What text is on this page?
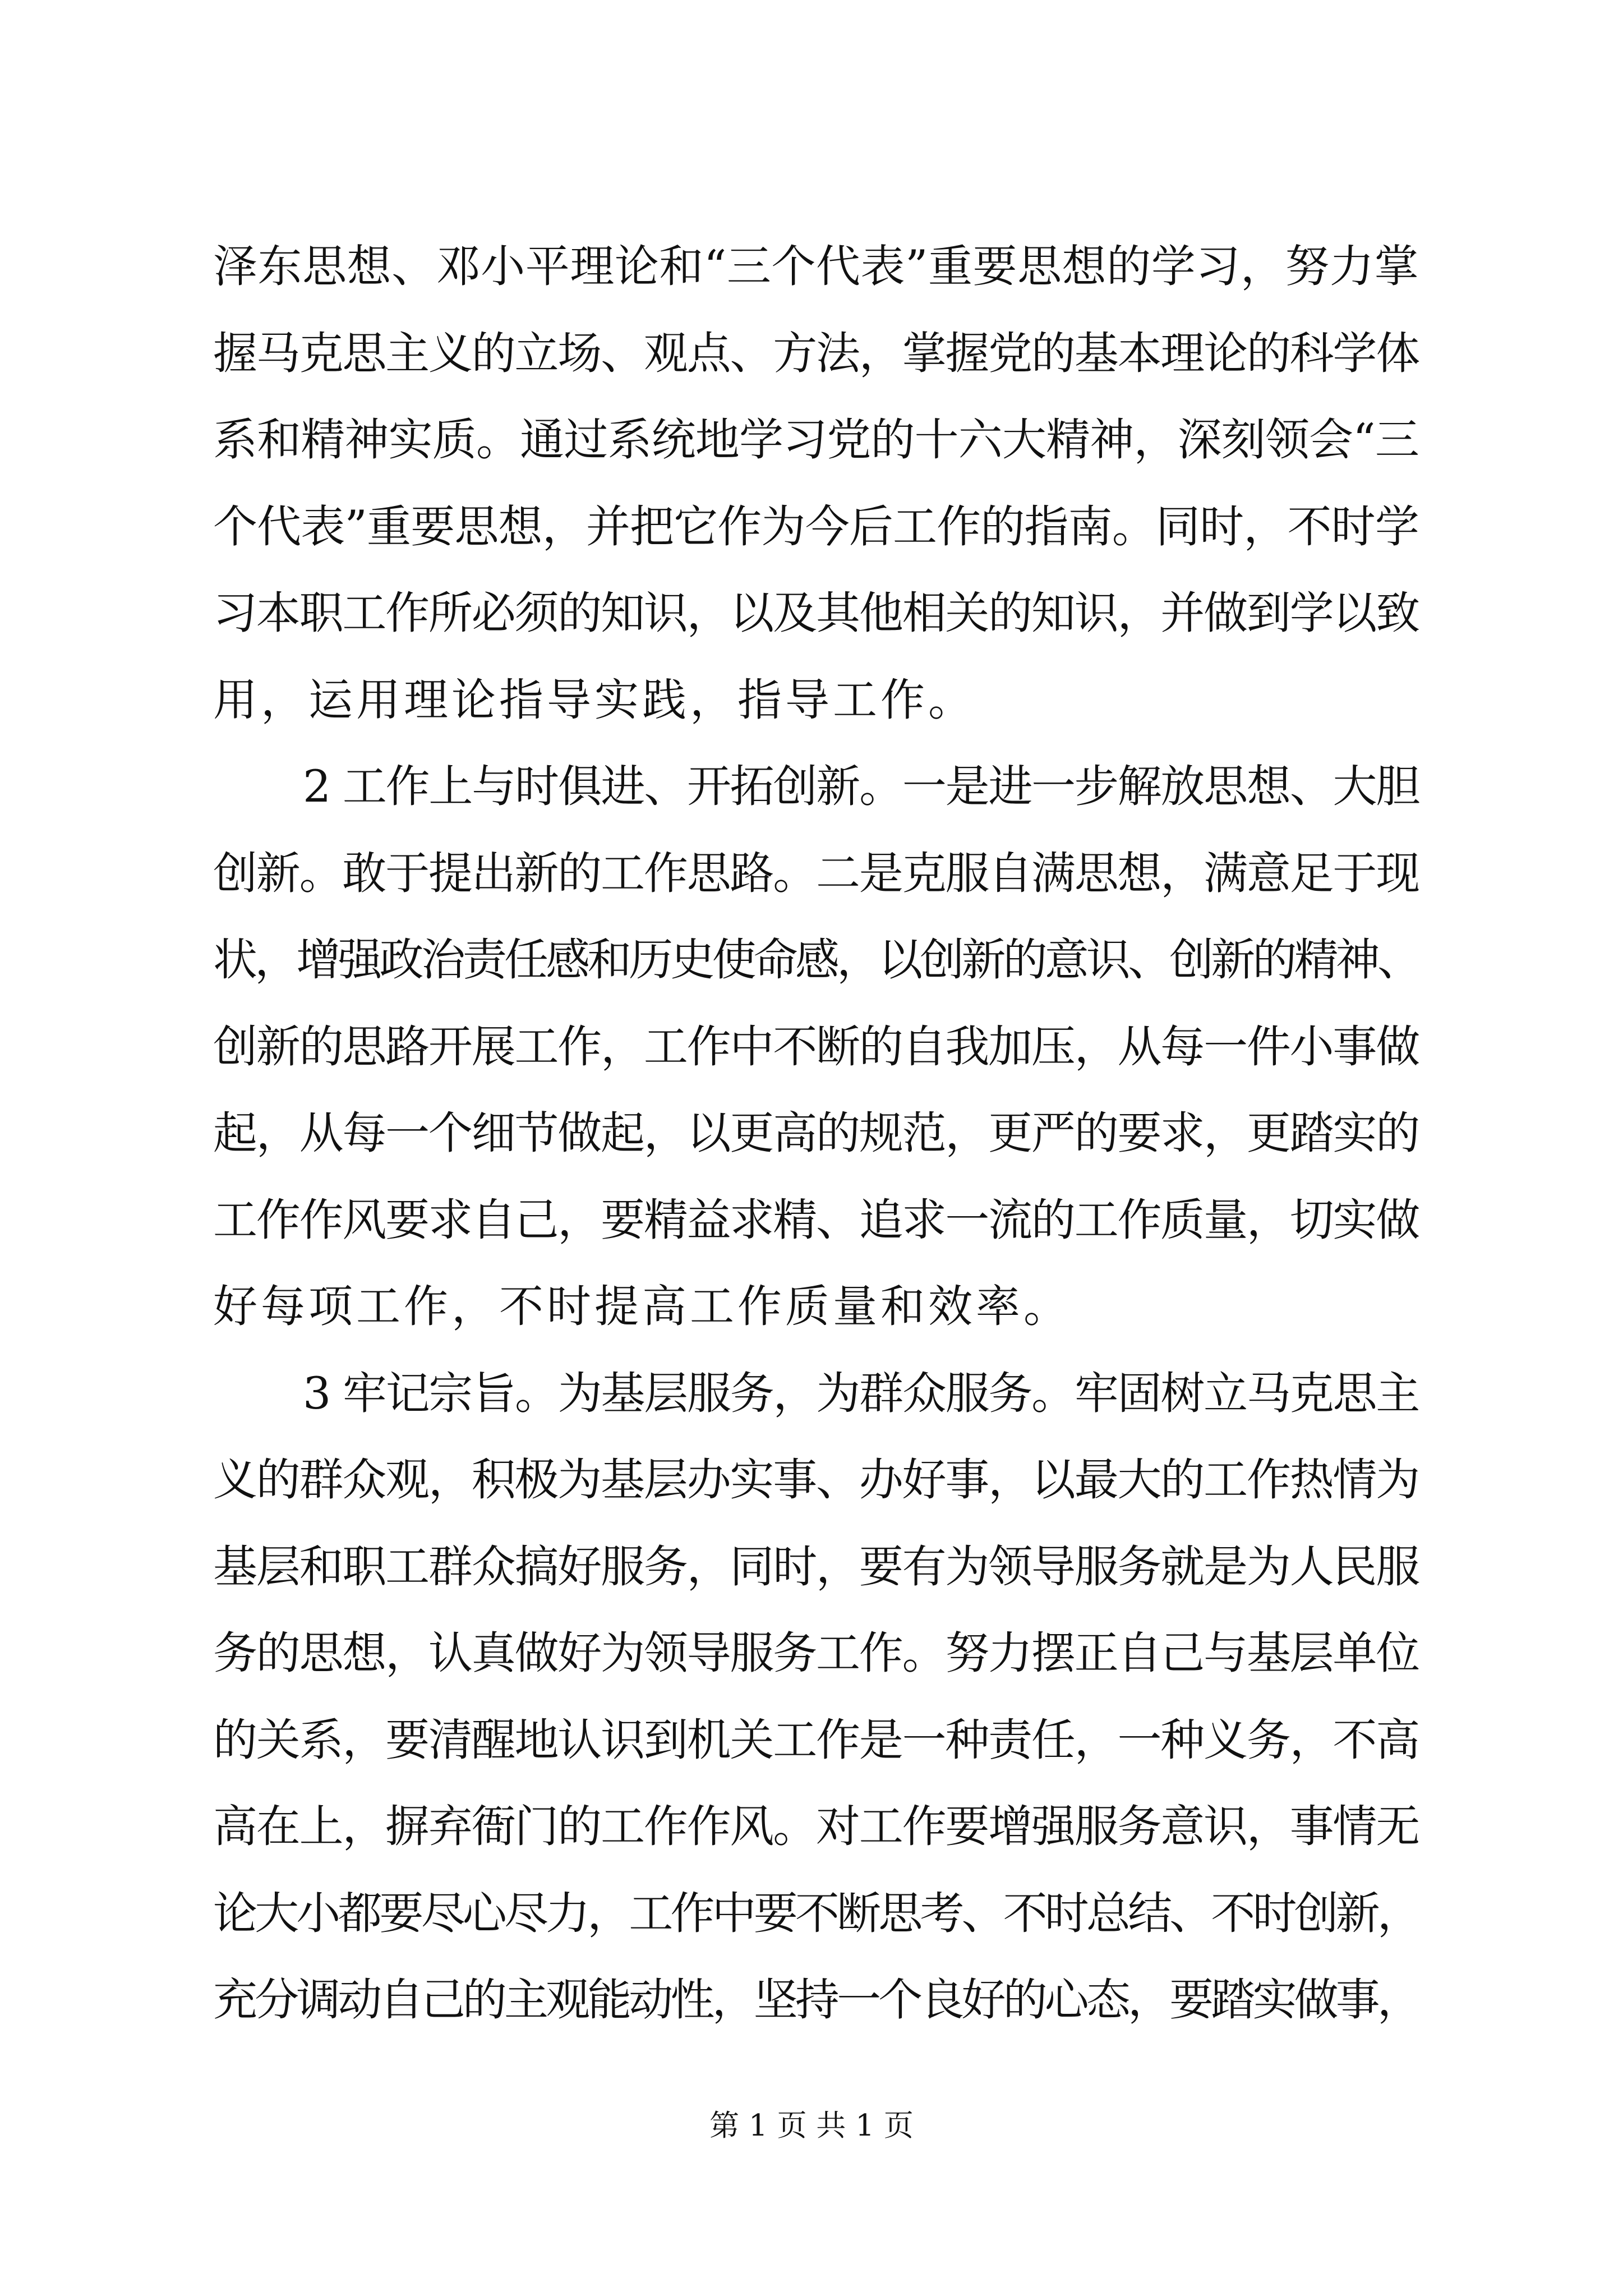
泽东思想、邓小平理论和“三个代表”重要思想的学习，努力掌
握马克思主义的立场、观点、方法，掌握党的基本理论的科学体
系和精神实质。通过系统地学习党的十六大精神，深刻领会“三
个代表”重要思想，并把它作为今后工作的指南。同时，不时学
习本职工作所必须的知识，以及其他相关的知识，并做到学以致
用，运用理论指导实践，指导工作。
2 工作上与时俱进、开拓创新。一是进一步解放思想、大胆
创新。敢于提出新的工作思路。二是克服自满思想，满意足于现
状，增强政治责任感和历史使命感，以创新的意识、创新的精神、
创新的思路开展工作，工作中不断的自我加压，从每一件小事做
起，从每一个细节做起，以更高的规范，更严的要求，更踏实的
工作作风要求自己，要精益求精、追求一流的工作质量，切实做
好每项工作，不时提高工作质量和效率。
3 牢记宗旨。为基层服务，为群众服务。牢固树立马克思主
义的群众观，积极为基层办实事、办好事，以最大的工作热情为
基层和职工群众搞好服务，同时，要有为领导服务就是为人民服
务的思想，认真做好为领导服务工作。努力摆正自己与基层单位
的关系，要清醒地认识到机关工作是一种责任，一种义务，不高
高在上，摒弃衙门的工作作风。对工作要增强服务意识，事情无
论大小都要尽心尽力，工作中要不断思考、不时总结、不时创新，
充分调动自己的主观能动性，坚持一个良好的心态，要踏实做事，
第 1 页 共 1 页
